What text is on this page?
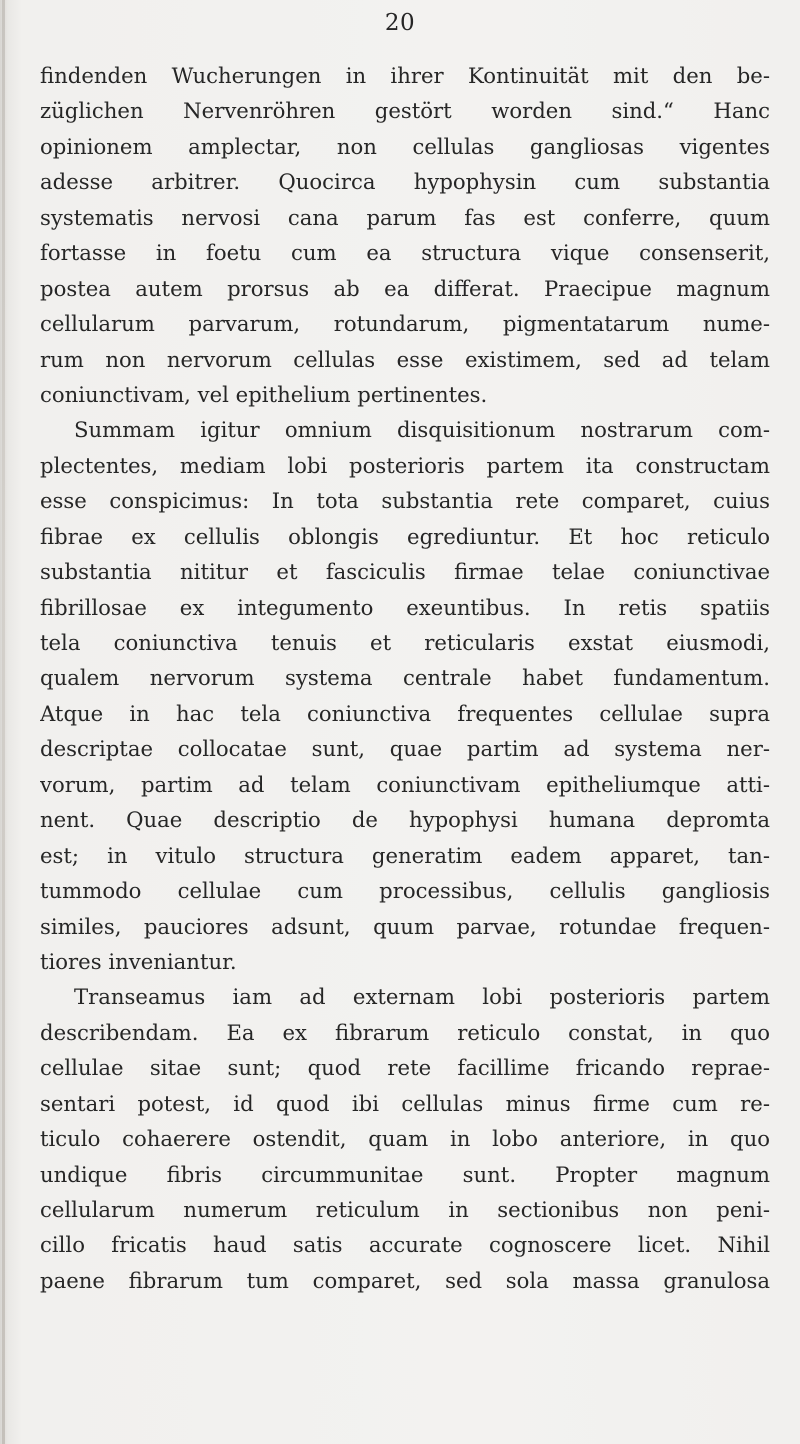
20
findenden Wucherungen in ihrer Kontinuität mit den be-
züglichen Nervenröhren gestört worden sind.“ Hanc
opinionem amplectar, non cellulas gangliosas vigentes
adesse arbitrer. Quocirca hypophysin cum substantia
systematis nervosi cana parum fas est conferre, quum
fortasse in foetu cum ea structura vique consenserit,
postea autem prorsus ab ea differat. Praecipue magnum
cellularum parvarum, rotundarum, pigmentatarum nume-
rum non nervorum cellulas esse existimem, sed ad telam
coniunctivam, vel epithelium pertinentes.
Summam igitur omnium disquisitionum nostrarum com-
plectentes, mediam lobi posterioris partem ita constructam
esse conspicimus: In tota substantia rete comparet, cuius
fibrae ex cellulis oblongis egrediuntur. Et hoc reticulo
substantia nititur et fasciculis firmae telae coniunctivae
fibrillosae ex integumento exeuntibus. In retis spatiis
tela coniunctiva tenuis et reticularis exstat eiusmodi,
qualem nervorum systema centrale habet fundamentum.
Atque in hac tela coniunctiva frequentes cellulae supra
descriptae collocatae sunt, quae partim ad systema ner-
vorum, partim ad telam coniunctivam epitheliumque atti-
nent. Quae descriptio de hypophysi humana depromta
est; in vitulo structura generatim eadem apparet, tan-
tummodo cellulae cum processibus, cellulis gangliosis
similes, pauciores adsunt, quum parvae, rotundae frequen-
tiores inveniantur.
Transeamus iam ad externam lobi posterioris partem
describendam. Ea ex fibrarum reticulo constat, in quo
cellulae sitae sunt; quod rete facillime fricando reprae-
sentari potest, id quod ibi cellulas minus firme cum re-
ticulo cohaerere ostendit, quam in lobo anteriore, in quo
undique fibris circummunitae sunt. Propter magnum
cellularum numerum reticulum in sectionibus non peni-
cillo fricatis haud satis accurate cognoscere licet. Nihil
paene fibrarum tum comparet, sed sola massa granulosa
